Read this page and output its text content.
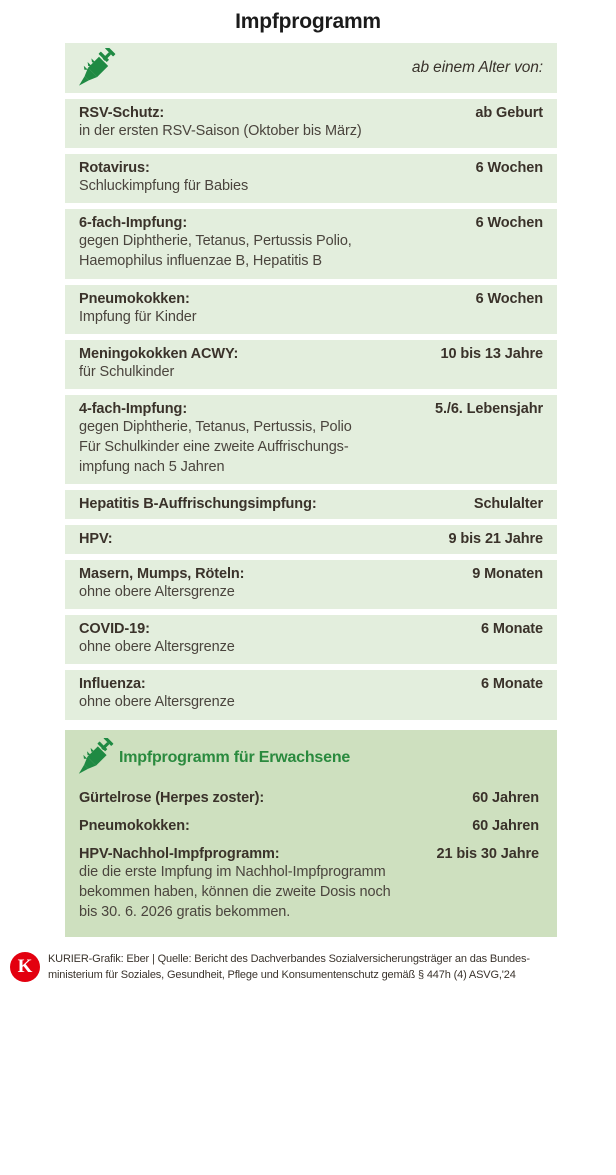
Impfprogramm
ab einem Alter von:
RSV-Schutz:	ab Geburt
in der ersten RSV-Saison (Oktober bis März)
Rotavirus:	6 Wochen
Schluckimpfung für Babies
6-fach-Impfung:	6 Wochen
gegen Diphtherie, Tetanus, Pertussis Polio,
Haemophilus influenzae B, Hepatitis B
Pneumokokken:	6 Wochen
Impfung für Kinder
Meningokokken ACWY:	10 bis 13 Jahre
für Schulkinder
4-fach-Impfung:	5./6. Lebensjahr
gegen Diphtherie, Tetanus, Pertussis, Polio
Für Schulkinder eine zweite Auffrischungs-
impfung nach 5 Jahren
Hepatitis B-Auffrischungsimpfung:	Schulalter
HPV:	9 bis 21 Jahre
Masern, Mumps, Röteln:	9 Monaten
ohne obere Altersgrenze
COVID-19:	6 Monate
ohne obere Altersgrenze
Influenza:	6 Monate
ohne obere Altersgrenze
Impfprogramm für Erwachsene
Gürtelrose (Herpes zoster):	60 Jahren
Pneumokokken:	60 Jahren
HPV-Nachhol-Impfprogramm:	21 bis 30 Jahre
die die erste Impfung im Nachhol-Impfprogramm
bekommen haben, können die zweite Dosis noch
bis 30. 6. 2026 gratis bekommen.
K	KURIER-Grafik: Eber | Quelle: Bericht des Dachverbandes Sozialversicherungsträger an das Bundes-
ministerium für Soziales, Gesundheit, Pflege und Konsumentenschutz gemäß § 447h (4) ASVG,'24
